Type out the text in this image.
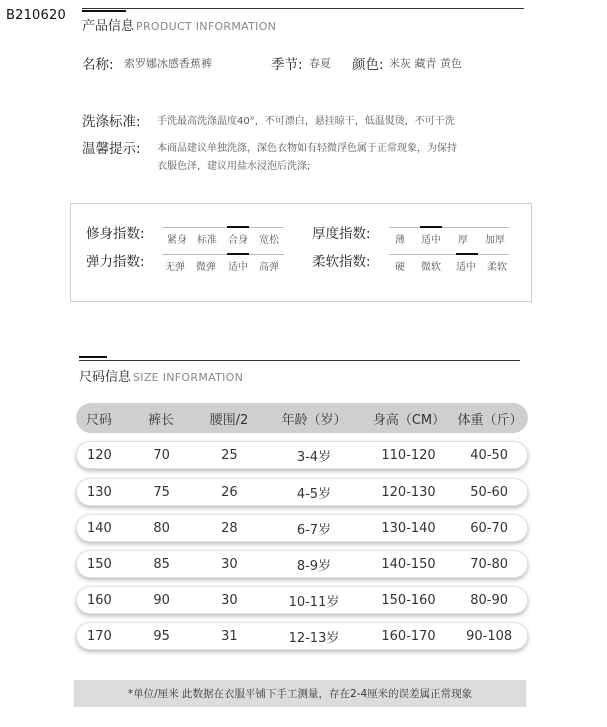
B210620
产品信息 PRODUCT INFORMATION
名称: 索罗娜冰感香蕉裤	季节: 春夏 颜色: 米灰 藏青 黄色
洗涤标准: 手洗最高洗涤温度40°，不可漂白，悬挂晾干，低温熨烫，不可干洗
温馨提示: 本商品建议单独洗涤，深色衣物如有轻微浮色属于正常现象，为保持
衣服色泽，建议用盐水浸泡后洗涤;
修身指数: 紧身 标准 合身 宽松 厚度指数: 薄 适中 厚 加厚
弹力指数: 无弹 微弹 适中 高弹 柔软指数: 硬 微软 适中 柔软
尺码信息 SIZE INFORMATION
尺码	裤长	腰围/2	年龄（岁）	身高（CM） 体重（斤）
120	70	25	3-4岁	110-120	40-50
130	75	26	4-5岁	120-130	50-60
140	80	28	6-7岁	130-140	60-70
150	85	30	8-9岁	140-150	70-80
160	90	30	10-11岁	150-160	80-90
170	95	31	12-13岁	160-170	90-108
*单位/厘米 此数据在衣服平铺下手工测量，存在2-4厘米的误差属正常现象
